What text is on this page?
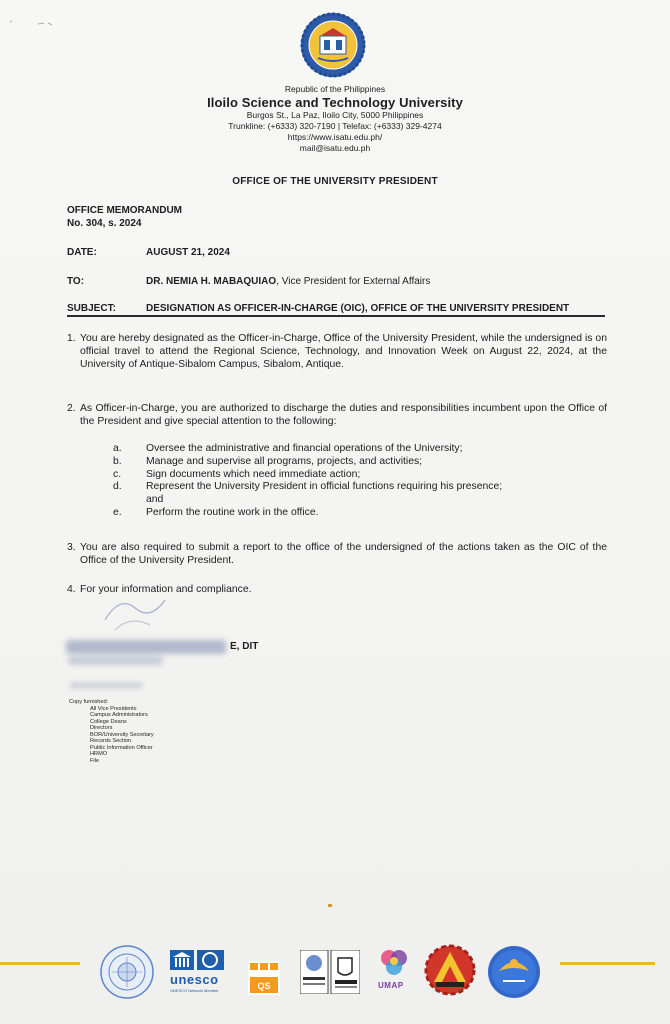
Republic of the Philippines
Iloilo Science and Technology University
Burgos St., La Paz, Iloilo City, 5000 Philippines
Trunkline: (+6333) 320-7190 | Telefax: (+6333) 329-4274
https://www.isatu.edu.ph/
mail@isatu.edu.ph
OFFICE OF THE UNIVERSITY PRESIDENT
OFFICE MEMORANDUM
No. 304, s. 2024
DATE:	AUGUST 21, 2024
TO:	DR. NEMIA H. MABAQUIAO, Vice President for External Affairs
SUBJECT:	DESIGNATION AS OFFICER-IN-CHARGE (OIC), OFFICE OF THE UNIVERSITY PRESIDENT
1. You are hereby designated as the Officer-in-Charge, Office of the University President, while the undersigned is on official travel to attend the Regional Science, Technology, and Innovation Week on August 22, 2024, at the University of Antique-Sibalom Campus, Sibalom, Antique.
2. As Officer-in-Charge, you are authorized to discharge the duties and responsibilities incumbent upon the Office of the President and give special attention to the following:
a. Oversee the administrative and financial operations of the University;
b. Manage and supervise all programs, projects, and activities;
c. Sign documents which need immediate action;
d. Represent the University President in official functions requiring his presence; and
e. Perform the routine work in the office.
3. You are also required to submit a report to the office of the undersigned of the actions taken as the OIC of the Office of the University President.
4. For your information and compliance.
E, DIT
Copy furnished:
All Vice Presidents
Campus Administrators
College Deans
Directors
BOR/University Secretary
Records Section
Public Information Officer
HRMO
File
unesco
UNESCO Network Member	QS	UMAP
